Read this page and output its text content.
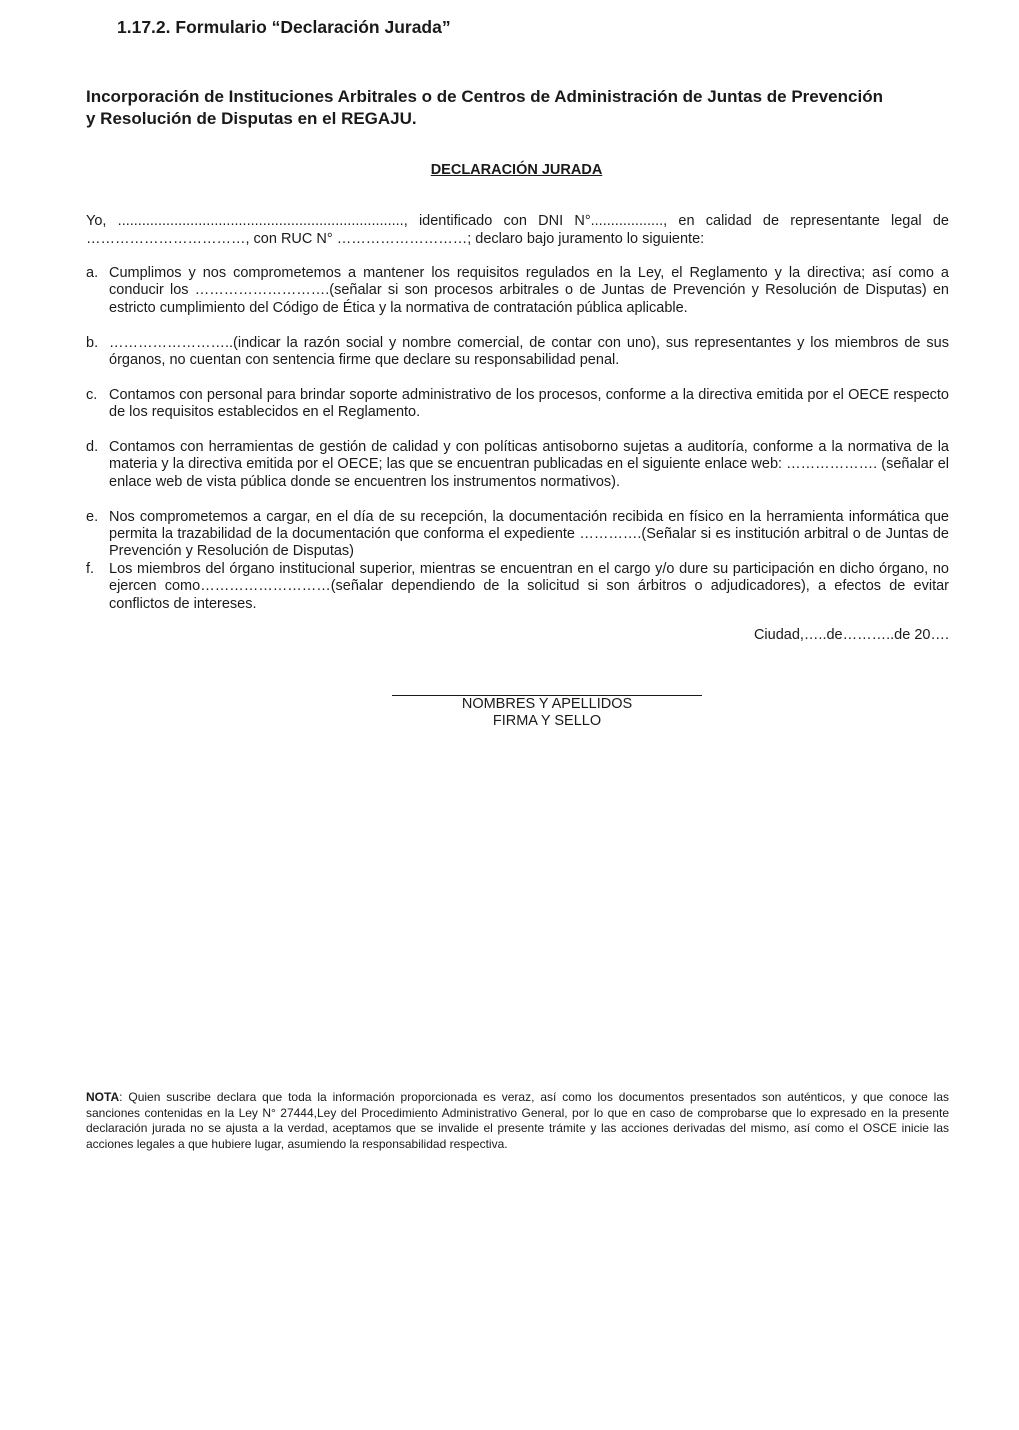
1.17.2. Formulario “Declaración Jurada”
Incorporación de Instituciones Arbitrales o de Centros de Administración de Juntas de Prevención
y Resolución de Disputas en el REGAJU.
DECLARACIÓN JURADA

Yo, ......................................................................., identificado con DNI N°.................., en calidad de representante legal de ……………………………, con RUC N° ………………………; declaro bajo juramento lo siguiente:

a. Cumplimos y nos comprometemos a mantener los requisitos regulados en la Ley, el Reglamento y la directiva; así como a conducir los ……………………….(señalar si son procesos arbitrales o de Juntas de Prevención y Resolución de Disputas) en estricto cumplimiento del Código de Ética y la normativa de contratación pública aplicable.
b. ……………………..(indicar la razón social y nombre comercial, de contar con uno), sus representantes y los miembros de sus órganos, no cuentan con sentencia firme que declare su responsabilidad penal.
c. Contamos con personal para brindar soporte administrativo de los procesos, conforme a la directiva emitida por el OECE respecto de los requisitos establecidos en el Reglamento.
d. Contamos con herramientas de gestión de calidad y con políticas antisoborno sujetas a auditoría, conforme a la normativa de la materia y la directiva emitida por el OECE; las que se encuentran publicadas en el siguiente enlace web: ………………. (señalar el enlace web de vista pública donde se encuentren los instrumentos normativos).
e. Nos comprometemos a cargar, en el día de su recepción, la documentación recibida en físico en la herramienta informática que permita la trazabilidad de la documentación que conforma el expediente ………….(Señalar si es institución arbitral o de Juntas de Prevención y Resolución de Disputas)
f. Los miembros del órgano institucional superior, mientras se encuentran en el cargo y/o dure su participación en dicho órgano, no ejercen como………………………(señalar dependiendo de la solicitud si son árbitros o adjudicadores), a efectos de evitar conflictos de intereses.

Ciudad,…..de………..de 20….

NOMBRES Y APELLIDOS
FIRMA Y SELLO

NOTA: Quien suscribe declara que toda la información proporcionada es veraz, así como los documentos presentados son auténticos, y que conoce las sanciones contenidas en la Ley N° 27444,Ley del Procedimiento Administrativo General, por lo que en caso de comprobarse que lo expresado en la presente declaración jurada no se ajusta a la verdad, aceptamos que se invalide el presente trámite y las acciones derivadas del mismo, así como el OSCE inicie las acciones legales a que hubiere lugar, asumiendo la responsabilidad respectiva.
